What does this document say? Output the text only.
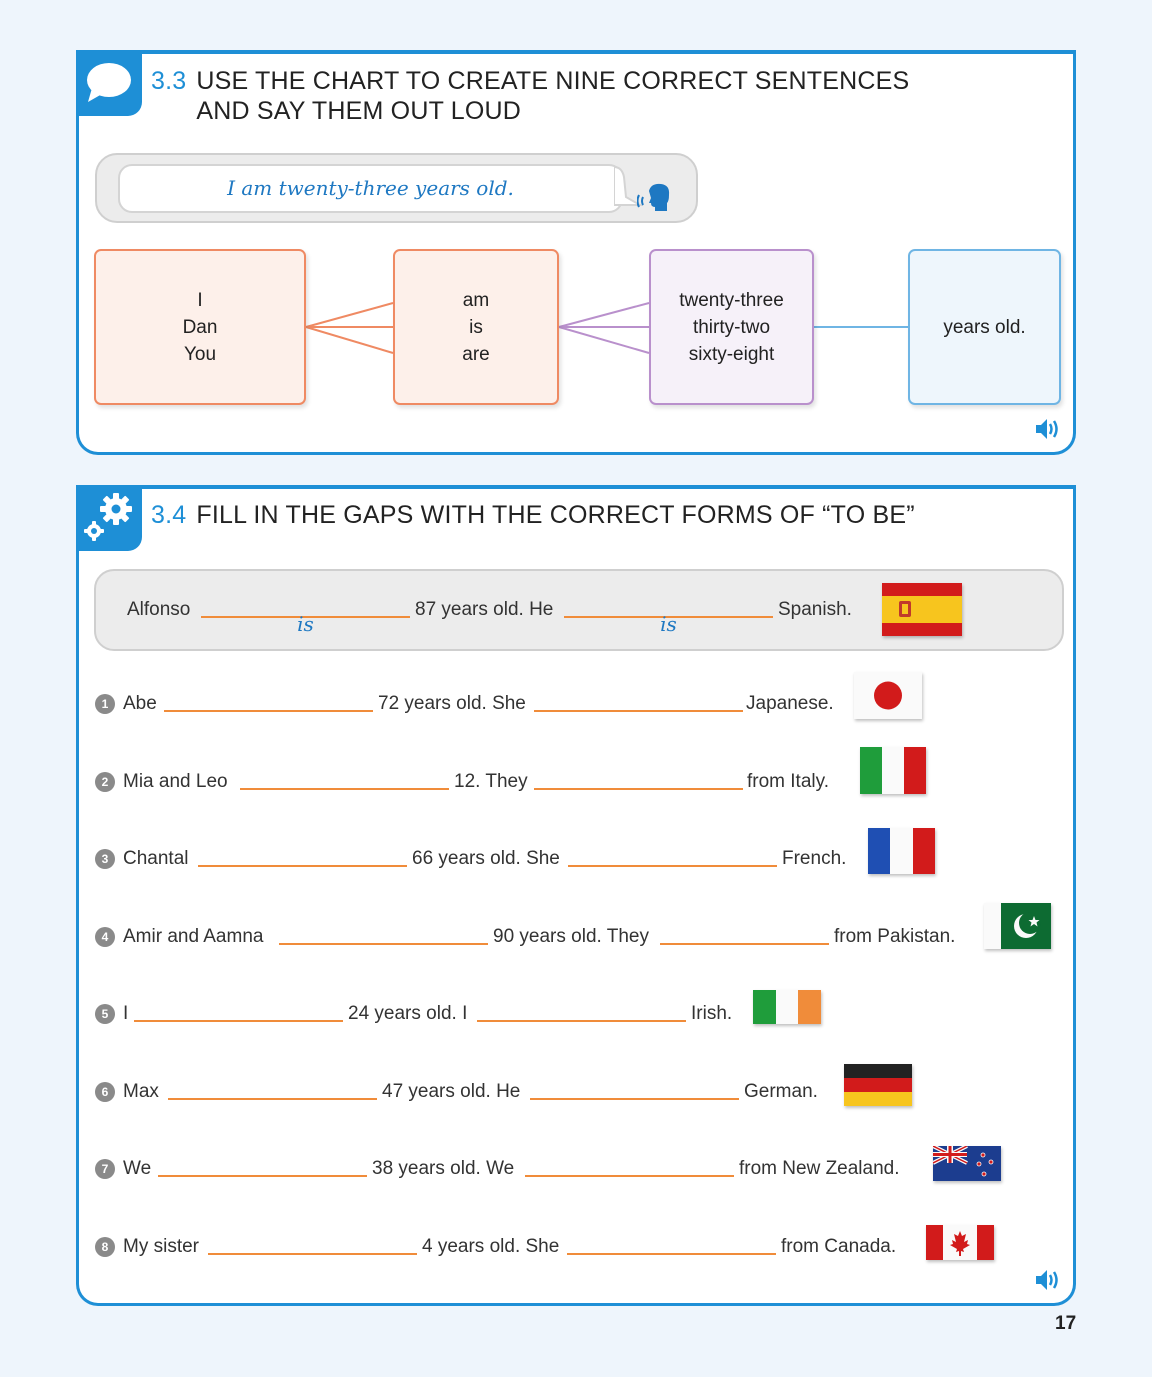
3.3 USE THE CHART TO CREATE NINE CORRECT SENTENCES AND SAY THEM OUT LOUD
I am twenty-three years old.
I
Dan
You
am
is
are
twenty-three
thirty-two
sixty-eight
years old.
3.4 FILL IN THE GAPS WITH THE CORRECT FORMS OF “TO BE”
Alfonso
is
87 years old. He
is
Spanish.
1 Abe	72 years old. She	Japanese.
2 Mia and Leo	12. They	from Italy.
3 Chantal	66 years old. She	French.
4 Amir and Aamna	90 years old. They	from Pakistan.
5 I	24 years old. I	Irish.
6 Max	47 years old. He	German.
7 We	38 years old. We	from New Zealand.
8 My sister	4 years old. She	from Canada.
17
